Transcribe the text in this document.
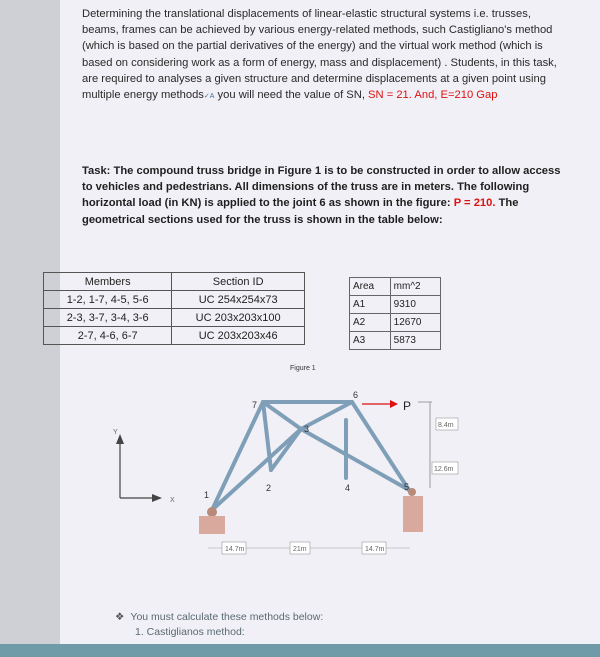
Determining the translational displacements of linear-elastic structural systems i.e. trusses, beams, frames can be achieved by various energy-related methods, such Castigliano's method (which is based on the partial derivatives of the energy) and the virtual work method (which is based on considering work as a form of energy, mass and displacement) . Students, in this task, are required to analyses a given structure and determine displacements at a given point using multiple energy methods✓A you will need the value of SN, SN = 21. And, E=210 Gap
Task: The compound truss bridge in Figure 1 is to be constructed in order to allow access to vehicles and pedestrians. All dimensions of the truss are in meters. The following horizontal load (in KN) is applied to the joint 6 as shown in the figure: P = 210. The geometrical sections used for the truss is shown in the table below:
Members	Section ID
1-2, 1-7, 4-5, 5-6	UC 254x254x73
2-3, 3-7, 3-4, 3-6	UC 203x203x100
2-7, 4-6, 6-7	UC 203x203x46
Area	mm^2
A1	9310
A2	12670
A3	5873
Figure 1
Y
X
1
2
3
4	5
6
7	P
8.4m
12.6m
14.7m	21m	14.7m
❖ You must calculate these methods below:
1. Castiglianos method:
